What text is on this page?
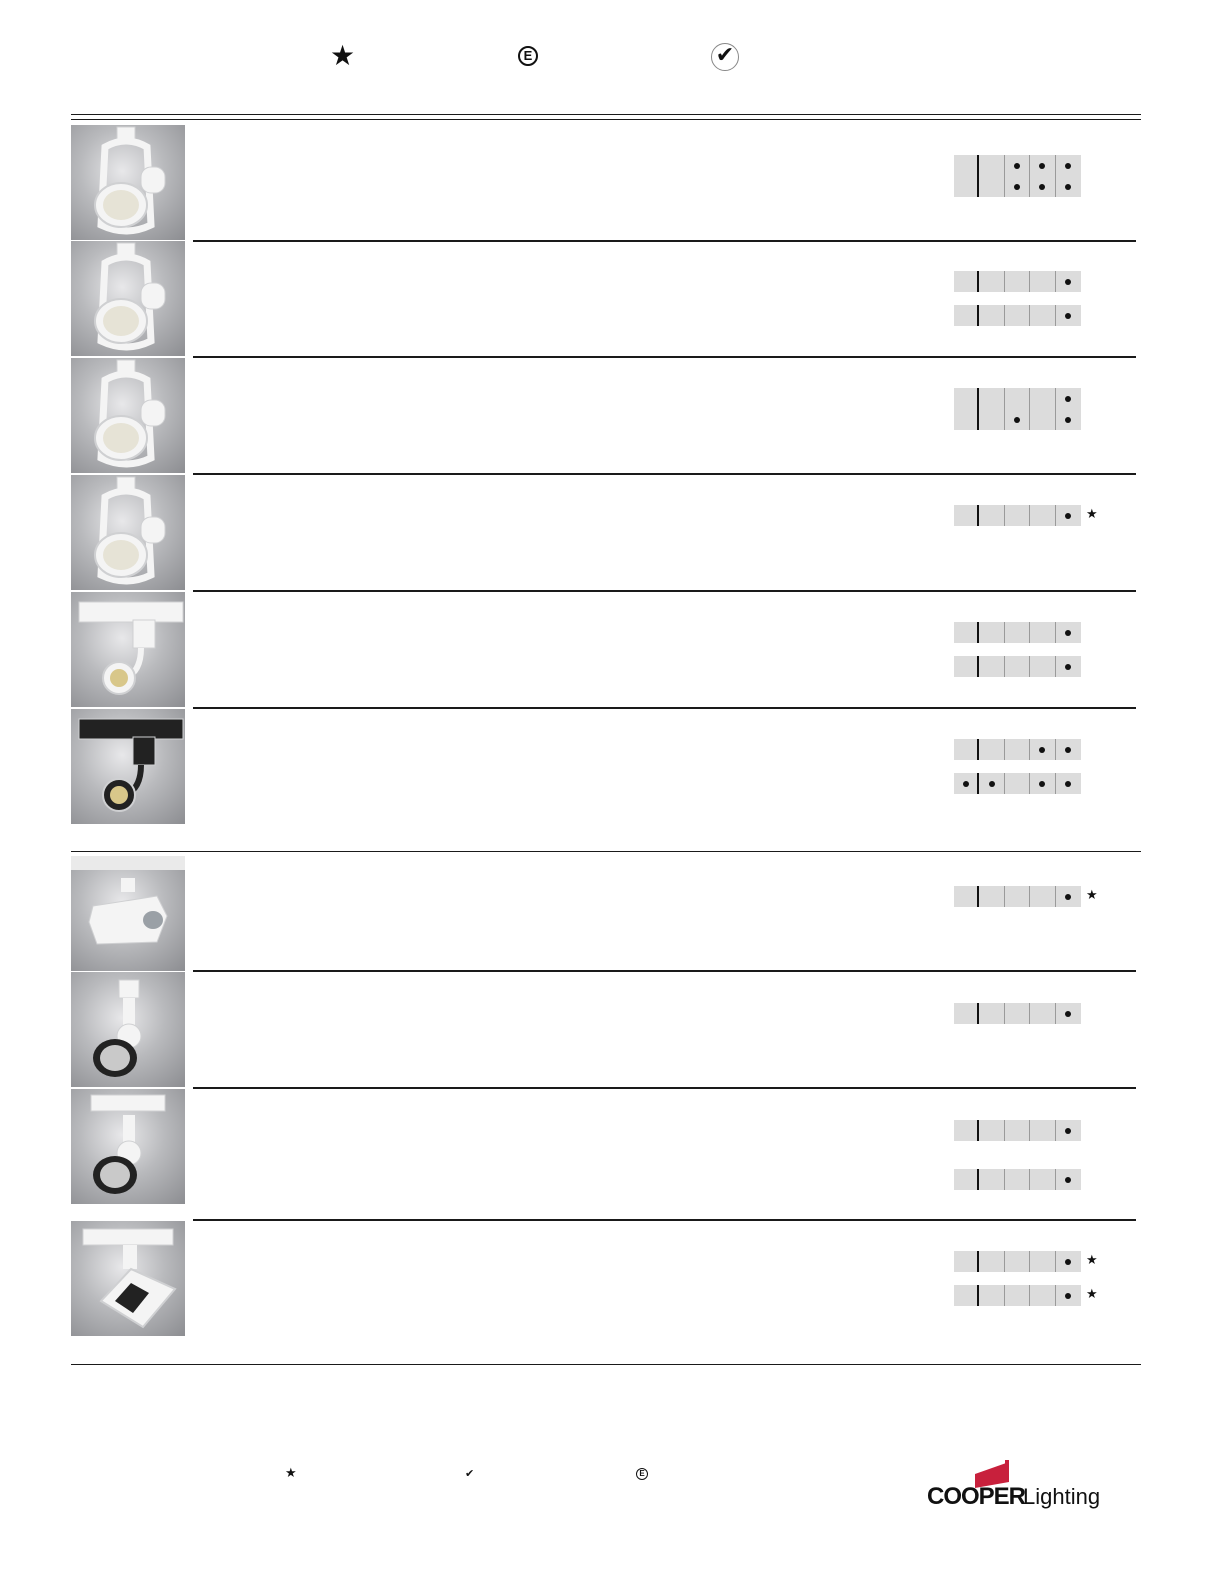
★	E	✔
★
★
★
★
★	✔	E
COOPER
Lighting
